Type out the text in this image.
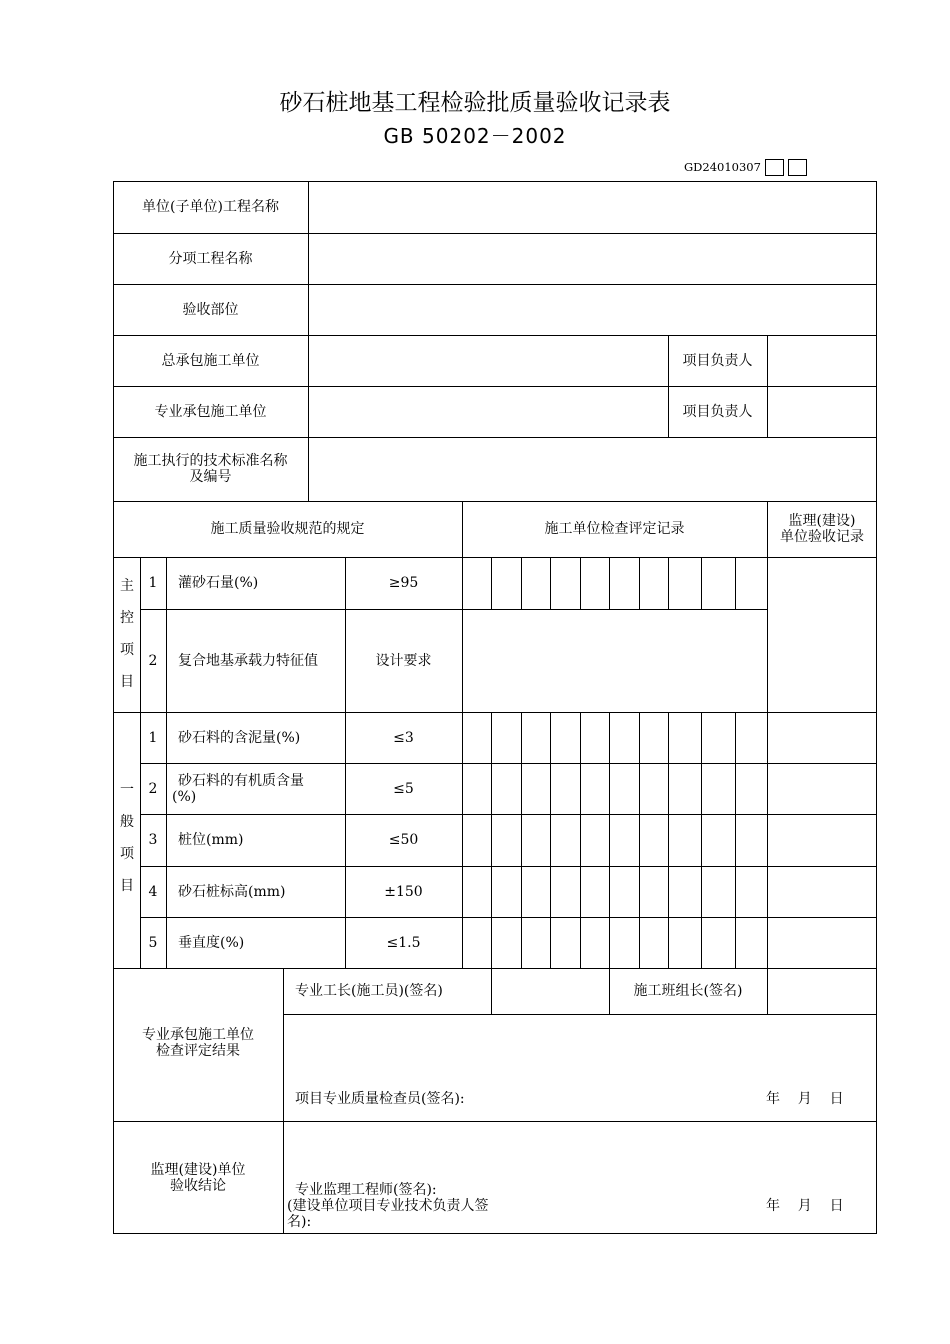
砂石桩地基工程检验批质量验收记录表
GB 50202－2002
GD24010307
单位(子单位)工程名称
分项工程名称
验收部位
总承包施工单位	项目负责人
专业承包施工单位	项目负责人
施工执行的技术标准名称
及编号
施工质量验收规范的规定	施工单位检查评定记录	监理(建设)
单位验收记录
主
控
项
目
1	灌砂石量(%)	≥95
2	复合地基承载力特征值	设计要求
一
般
项
目
1	砂石料的含泥量(%)	≤3
2	砂石料的有机质含量
(%)	≤5
3	桩位(mm)	≤50
4	砂石桩标高(mm)	±150
5	垂直度(%)	≤1.5
专业承包施工单位
检查评定结果
专业工长(施工员)(签名)	施工班组长(签名)
项目专业质量检查员(签名):	年    月    日
监理(建设)单位
验收结论	专业监理工程师(签名):
(建设单位项目专业技术负责人签
名):
年    月    日
